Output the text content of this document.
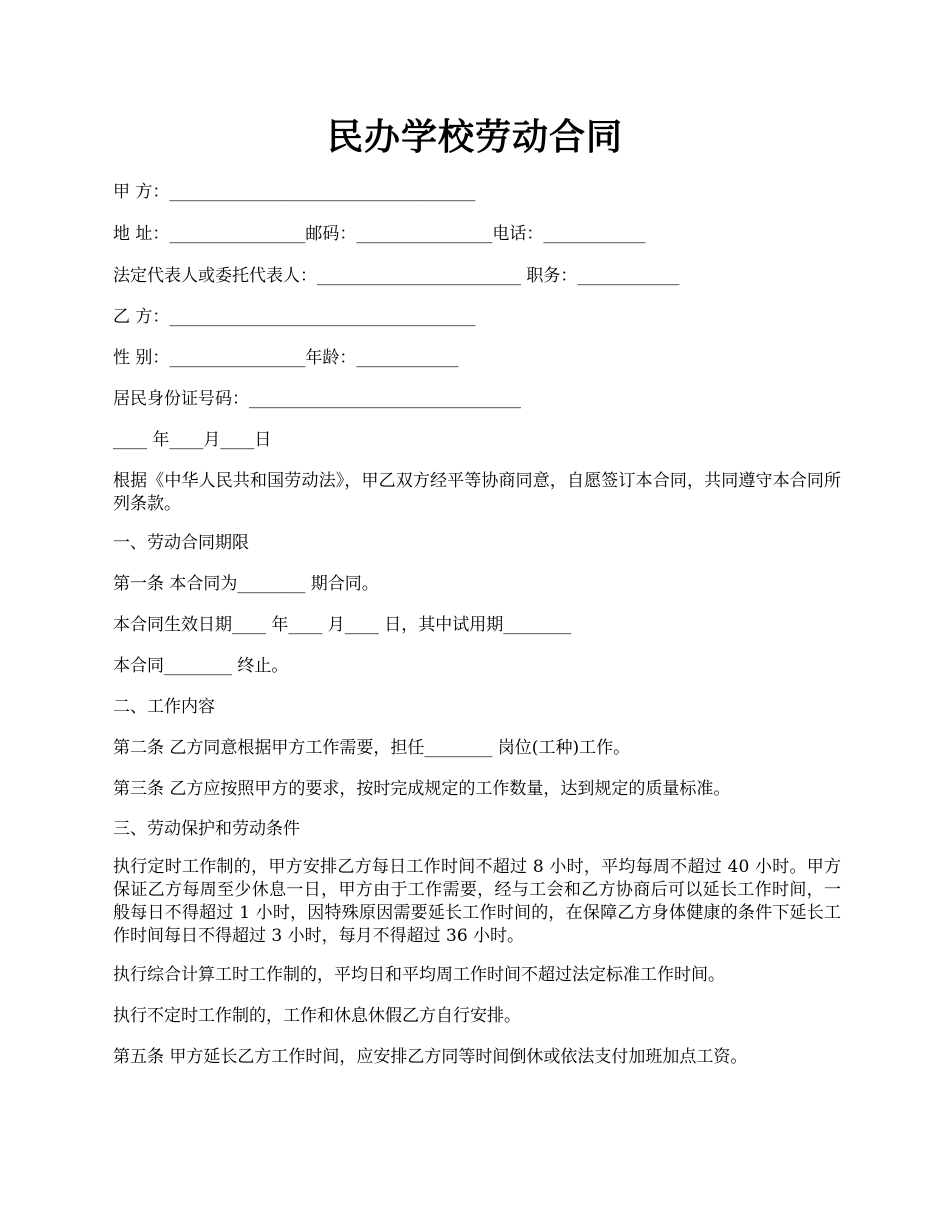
民办学校劳动合同
甲 方：____________________________________
地 址：________________邮码：________________电话：____________
法定代表人或委托代表人：________________________ 职务：____________
乙 方：____________________________________
性 别：________________年龄：____________
居民身份证号码：________________________________
____ 年____月____日
根据《中华人民共和国劳动法》，甲乙双方经平等协商同意，自愿签订本合同，共同遵守本合同所列条款。
一、劳动合同期限
第一条 本合同为________ 期合同。
本合同生效日期____ 年____ 月____ 日，其中试用期________
本合同________ 终止。
二、工作内容
第二条 乙方同意根据甲方工作需要，担任________ 岗位(工种)工作。
第三条 乙方应按照甲方的要求，按时完成规定的工作数量，达到规定的质量标准。
三、劳动保护和劳动条件
执行定时工作制的，甲方安排乙方每日工作时间不超过 8 小时，平均每周不超过 40 小时。甲方保证乙方每周至少休息一日，甲方由于工作需要，经与工会和乙方协商后可以延长工作时间，一般每日不得超过 1 小时，因特殊原因需要延长工作时间的，在保障乙方身体健康的条件下延长工作时间每日不得超过 3 小时，每月不得超过 36 小时。
执行综合计算工时工作制的，平均日和平均周工作时间不超过法定标准工作时间。
执行不定时工作制的，工作和休息休假乙方自行安排。
第五条 甲方延长乙方工作时间，应安排乙方同等时间倒休或依法支付加班加点工资。
